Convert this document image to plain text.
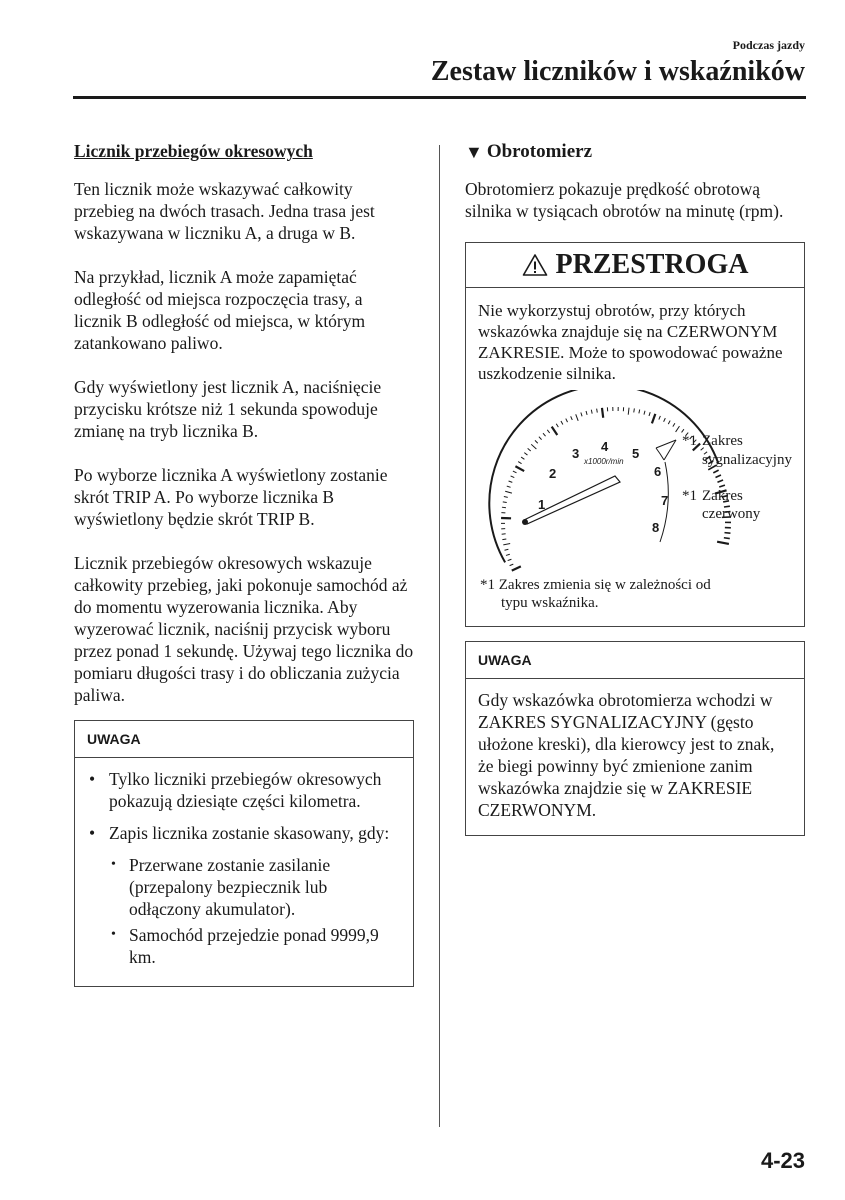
Podczas jazdy
Zestaw liczników i wskaźników
Licznik przebiegów okresowych

Ten licznik może wskazywać całkowity przebieg na dwóch trasach. Jedna trasa jest wskazywana w liczniku A, a druga w B.

Na przykład, licznik A może zapamiętać odległość od miejsca rozpoczęcia trasy, a licznik B odległość od miejsca, w którym zatankowano paliwo.

Gdy wyświetlony jest licznik A, naciśnięcie przycisku krótsze niż 1 sekunda spowoduje zmianę na tryb licznika B.

Po wyborze licznika A wyświetlony zostanie skrót TRIP A. Po wyborze licznika B wyświetlony będzie skrót TRIP B.

Licznik przebiegów okresowych wskazuje całkowity przebieg, jaki pokonuje samochód aż do momentu wyzerowania licznika. Aby wyzerować licznik, naciśnij przycisk wyboru przez ponad 1 sekundę. Używaj tego licznika do pomiaru długości trasy i do obliczania zużycia paliwa.

UWAGA
• Tylko liczniki przebiegów okresowych pokazują dziesiąte części kilometra.
• Zapis licznika zostanie skasowany, gdy:
• Przerwane zostanie zasilanie (przepalony bezpiecznik lub odłączony akumulator).
• Samochód przejedzie ponad 9999,9 km.
▼ Obrotomierz

Obrotomierz pokazuje prędkość obrotową silnika w tysiącach obrotów na minutę (rpm).

PRZESTROGA

Nie wykorzystuj obrotów, przy których wskazówka znajduje się na CZERWONYM ZAKRESIE. Może to spowodować poważne uszkodzenie silnika.

1
2
3 4 5
6
7
8
x1000r/min
*1 Zakres
sygnalizacyjny
*1 Zakres
czerwony
*1 Zakres zmienia się w zależności od
typu wskaźnika.
UWAGA
Gdy wskazówka obrotomierza wchodzi w ZAKRES SYGNALIZACYJNY (gęsto ułożone kreski), dla kierowcy jest to znak, że biegi powinny być zmienione zanim wskazówka znajdzie się w ZAKRESIE CZERWONYM.
4-23
